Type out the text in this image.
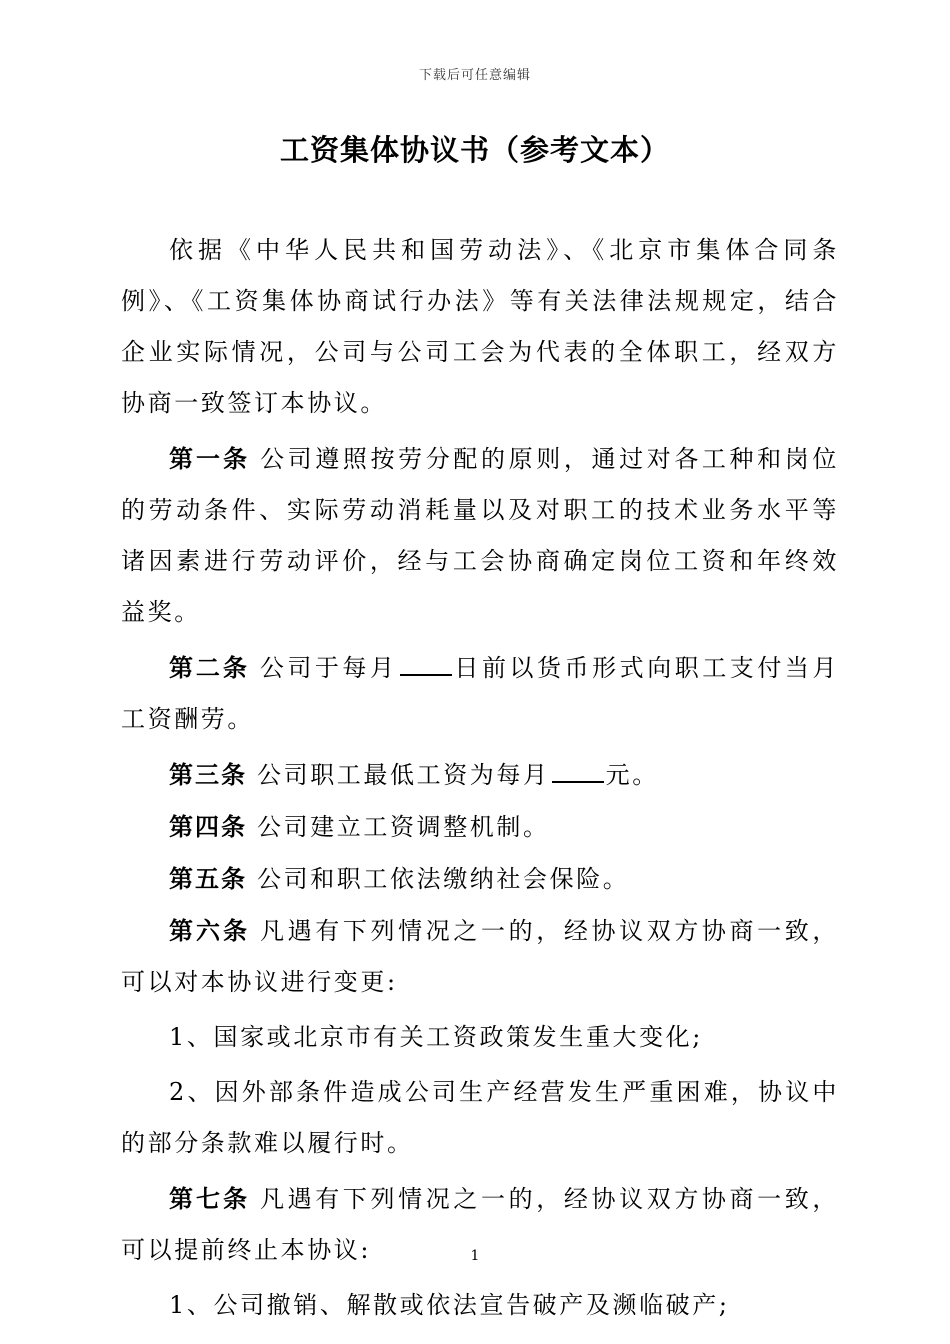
下载后可任意编辑
工资集体协议书（参考文本）

依据《中华人民共和国劳动法》、《北京市集体合同条例》、《工资集体协商试行办法》等有关法律法规规定，结合企业实际情况，公司与公司工会为代表的全体职工，经双方协商一致签订本协议。

第一条 公司遵照按劳分配的原则，通过对各工种和岗位的劳动条件、实际劳动消耗量以及对职工的技术业务水平等诸因素进行劳动评价，经与工会协商确定岗位工资和年终效益奖。

第二条 公司于每月 日前以货币形式向职工支付当月工资酬劳。

第三条 公司职工最低工资为每月 元。

第四条 公司建立工资调整机制。

第五条 公司和职工依法缴纳社会保险。

第六条 凡遇有下列情况之一的，经协议双方协商一致，可以对本协议进行变更:

1、国家或北京市有关工资政策发生重大变化;

2、因外部条件造成公司生产经营发生严重困难，协议中的部分条款难以履行时。

第七条 凡遇有下列情况之一的，经协议双方协商一致，可以提前终止本协议:

1、公司撤销、解散或依法宣告破产及濒临破产;

1
